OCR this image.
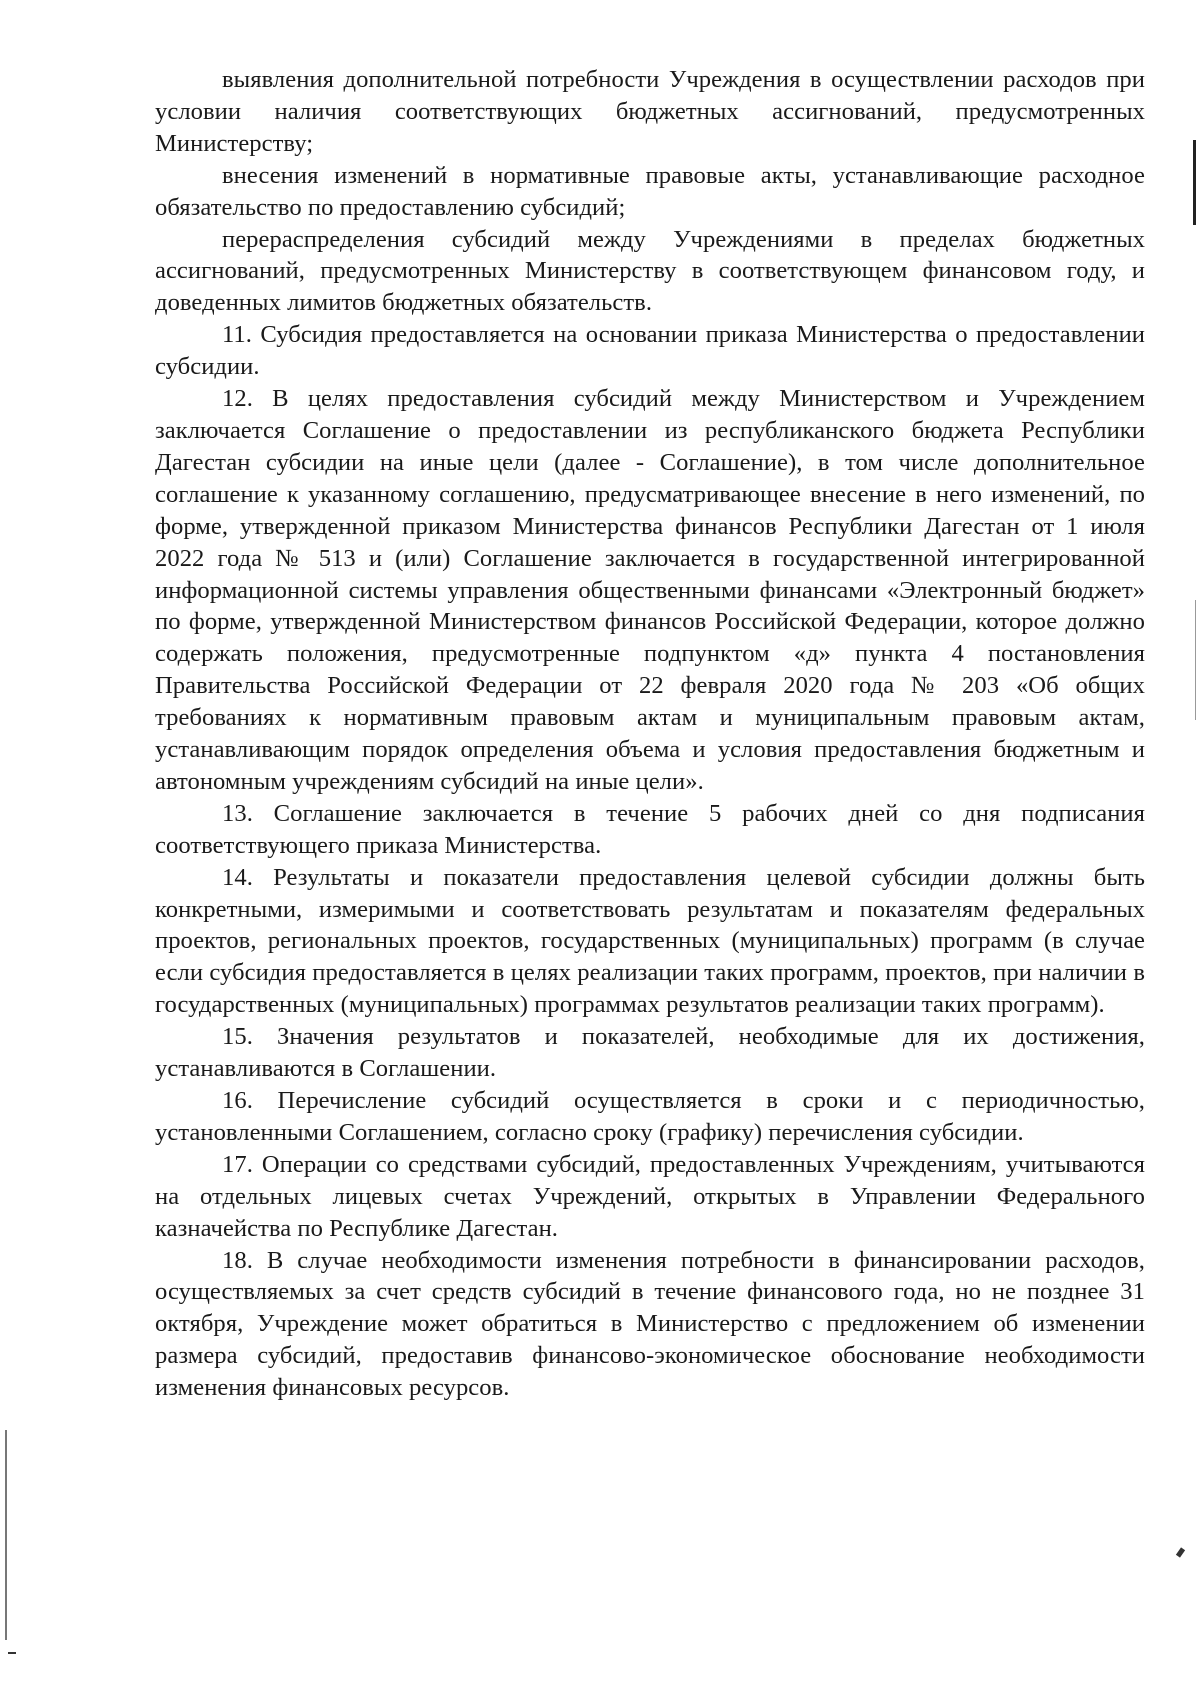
выявления дополнительной потребности Учреждения в осуществлении расходов при условии наличия соответствующих бюджетных ассигнований, предусмотренных Министерству;

внесения изменений в нормативные правовые акты, устанавливающие расходное обязательство по предоставлению субсидий;

перераспределения субсидий между Учреждениями в пределах бюджетных ассигнований, предусмотренных Министерству в соответствующем финансовом году, и доведенных лимитов бюджетных обязательств.

11. Субсидия предоставляется на основании приказа Министерства о предоставлении субсидии.

12. В целях предоставления субсидий между Министерством и Учреждением заключается Соглашение о предоставлении из республиканского бюджета Республики Дагестан субсидии на иные цели (далее - Соглашение), в том числе дополнительное соглашение к указанному соглашению, предусматривающее внесение в него изменений, по форме, утвержденной приказом Министерства финансов Республики Дагестан от 1 июля 2022 года № 513 и (или) Соглашение заключается в государственной интегрированной информационной системы управления общественными финансами «Электронный бюджет» по форме, утвержденной Министерством финансов Российской Федерации, которое должно содержать положения, предусмотренные подпунктом «д» пункта 4 постановления Правительства Российской Федерации от 22 февраля 2020 года № 203 «Об общих требованиях к нормативным правовым актам и муниципальным правовым актам, устанавливающим порядок определения объема и условия предоставления бюджетным и автономным учреждениям субсидий на иные цели».

13. Соглашение заключается в течение 5 рабочих дней со дня подписания соответствующего приказа Министерства.

14. Результаты и показатели предоставления целевой субсидии должны быть конкретными, измеримыми и соответствовать результатам и показателям федеральных проектов, региональных проектов, государственных (муниципальных) программ (в случае если субсидия предоставляется в целях реализации таких программ, проектов, при наличии в государственных (муниципальных) программах результатов реализации таких программ).

15. Значения результатов и показателей, необходимые для их достижения, устанавливаются в Соглашении.

16. Перечисление субсидий осуществляется в сроки и с периодичностью, установленными Соглашением, согласно сроку (графику) перечисления субсидии.

17. Операции со средствами субсидий, предоставленных Учреждениям, учитываются на отдельных лицевых счетах Учреждений, открытых в Управлении Федерального казначейства по Республике Дагестан.

18. В случае необходимости изменения потребности в финансировании расходов, осуществляемых за счет средств субсидий в течение финансового года, но не позднее 31 октября, Учреждение может обратиться в Министерство с предложением об изменении размера субсидий, предоставив финансово-экономическое обоснование необходимости изменения финансовых ресурсов.
